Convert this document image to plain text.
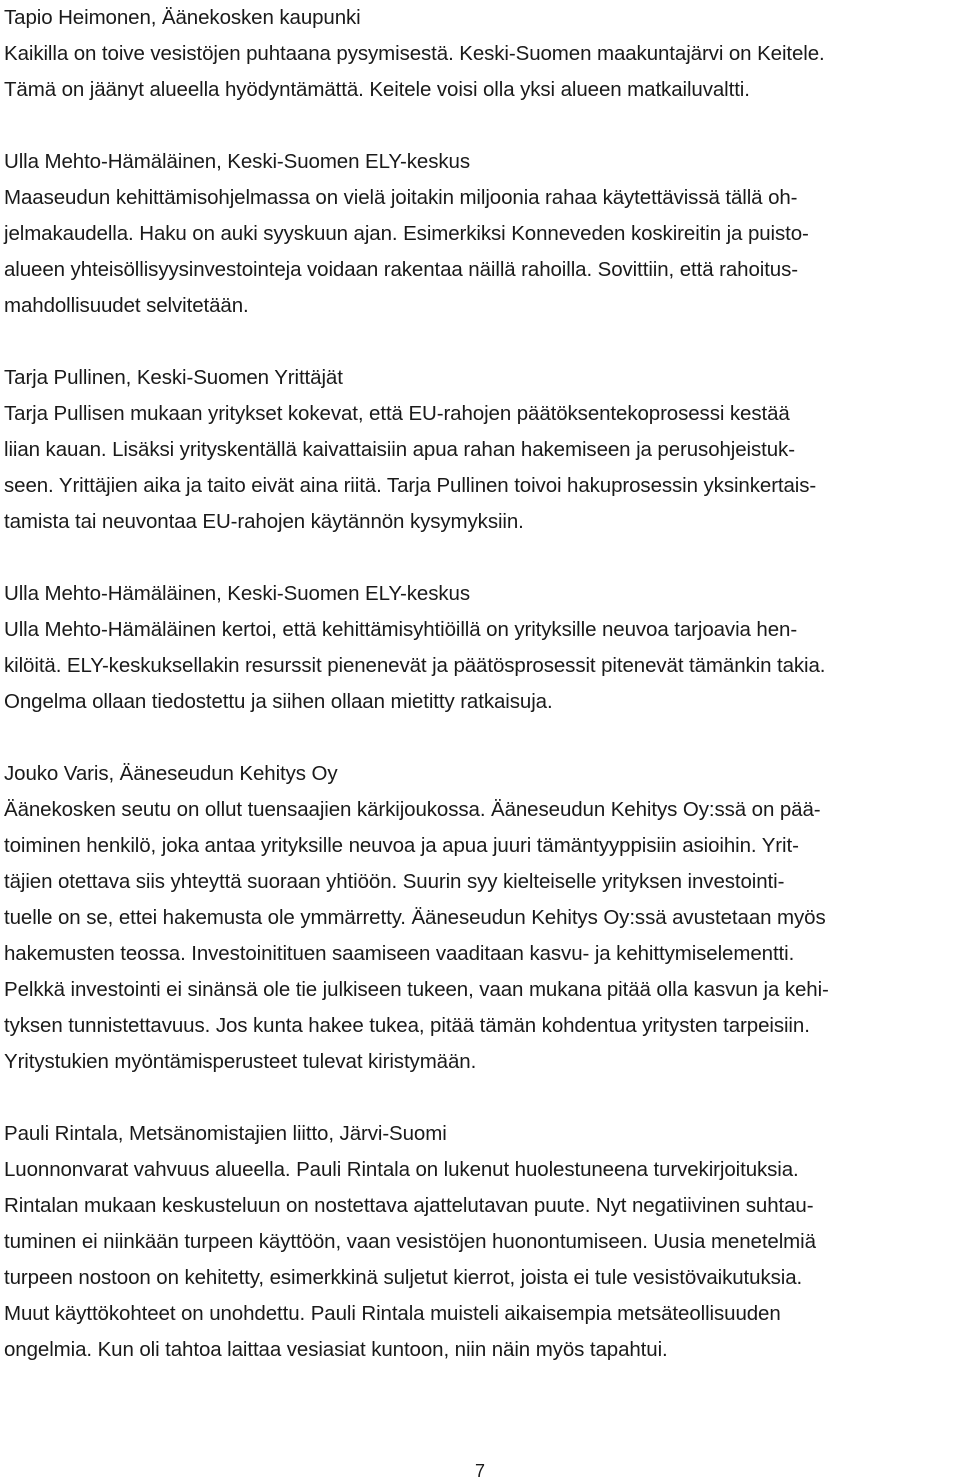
Tapio Heimonen, Äänekosken kaupunki
Kaikilla on toive vesistöjen puhtaana pysymisestä. Keski-Suomen maakuntajärvi on Keitele.
Tämä on jäänyt alueella hyödyntämättä. Keitele voisi olla yksi alueen matkailuvaltti.
Ulla Mehto-Hämäläinen, Keski-Suomen ELY-keskus
Maaseudun kehittämisohjelmassa on vielä joitakin miljoonia rahaa käytettävissä tällä oh-
jelmakaudella. Haku on auki syyskuun ajan. Esimerkiksi Konneveden koskireitin ja puisto-
alueen yhteisöllisyysinvestointeja voidaan rakentaa näillä rahoilla. Sovittiin, että rahoitus-
mahdollisuudet selvitetään.
Tarja Pullinen, Keski-Suomen Yrittäjät
Tarja Pullisen mukaan yritykset kokevat, että EU-rahojen päätöksentekoprosessi kestää
liian kauan. Lisäksi yrityskentällä kaivattaisiin apua rahan hakemiseen ja perusohjeistuk-
seen. Yrittäjien aika ja taito eivät aina riitä. Tarja Pullinen toivoi hakuprosessin yksinkertais-
tamista tai neuvontaa EU-rahojen käytännön kysymyksiin.
Ulla Mehto-Hämäläinen, Keski-Suomen ELY-keskus
Ulla Mehto-Hämäläinen kertoi, että kehittämisyhtiöillä on yrityksille neuvoa tarjoavia hen-
kilöitä. ELY-keskuksellakin resurssit pienenevät ja päätösprosessit pitenevät tämänkin takia.
Ongelma ollaan tiedostettu ja siihen ollaan mietitty ratkaisuja.
Jouko Varis, Ääneseudun Kehitys Oy
Äänekosken seutu on ollut tuensaajien kärkijoukossa. Ääneseudun Kehitys Oy:ssä on pää-
toiminen henkilö, joka antaa yrityksille neuvoa ja apua juuri tämäntyyppisiin asioihin. Yrit-
täjien otettava siis yhteyttä suoraan yhtiöön. Suurin syy kielteiselle yrityksen investointi-
tuelle on se, ettei hakemusta ole ymmärretty. Ääneseudun Kehitys Oy:ssä avustetaan myös
hakemusten teossa. Investoinitituen saamiseen vaaditaan kasvu- ja kehittymiselementti.
Pelkkä investointi ei sinänsä ole tie julkiseen tukeen, vaan mukana pitää olla kasvun ja kehi-
tyksen tunnistettavuus. Jos kunta hakee tukea, pitää tämän kohdentua yritysten tarpeisiin.
Yritystukien myöntämisperusteet tulevat kiristymään.
Pauli Rintala, Metsänomistajien liitto, Järvi-Suomi
Luonnonvarat vahvuus alueella. Pauli Rintala on lukenut huolestuneena turvekirjoituksia.
Rintalan mukaan keskusteluun on nostettava ajattelutavan puute. Nyt negatiivinen suhtau-
tuminen ei niinkään turpeen käyttöön, vaan vesistöjen huonontumiseen. Uusia menetelmiä
turpeen nostoon on kehitetty, esimerkkinä suljetut kierrot, joista ei tule vesistövaikutuksia.
Muut käyttökohteet on unohdettu. Pauli Rintala muisteli aikaisempia metsäteollisuuden
ongelmia. Kun oli tahtoa laittaa vesiasiat kuntoon, niin näin myös tapahtui.
7
